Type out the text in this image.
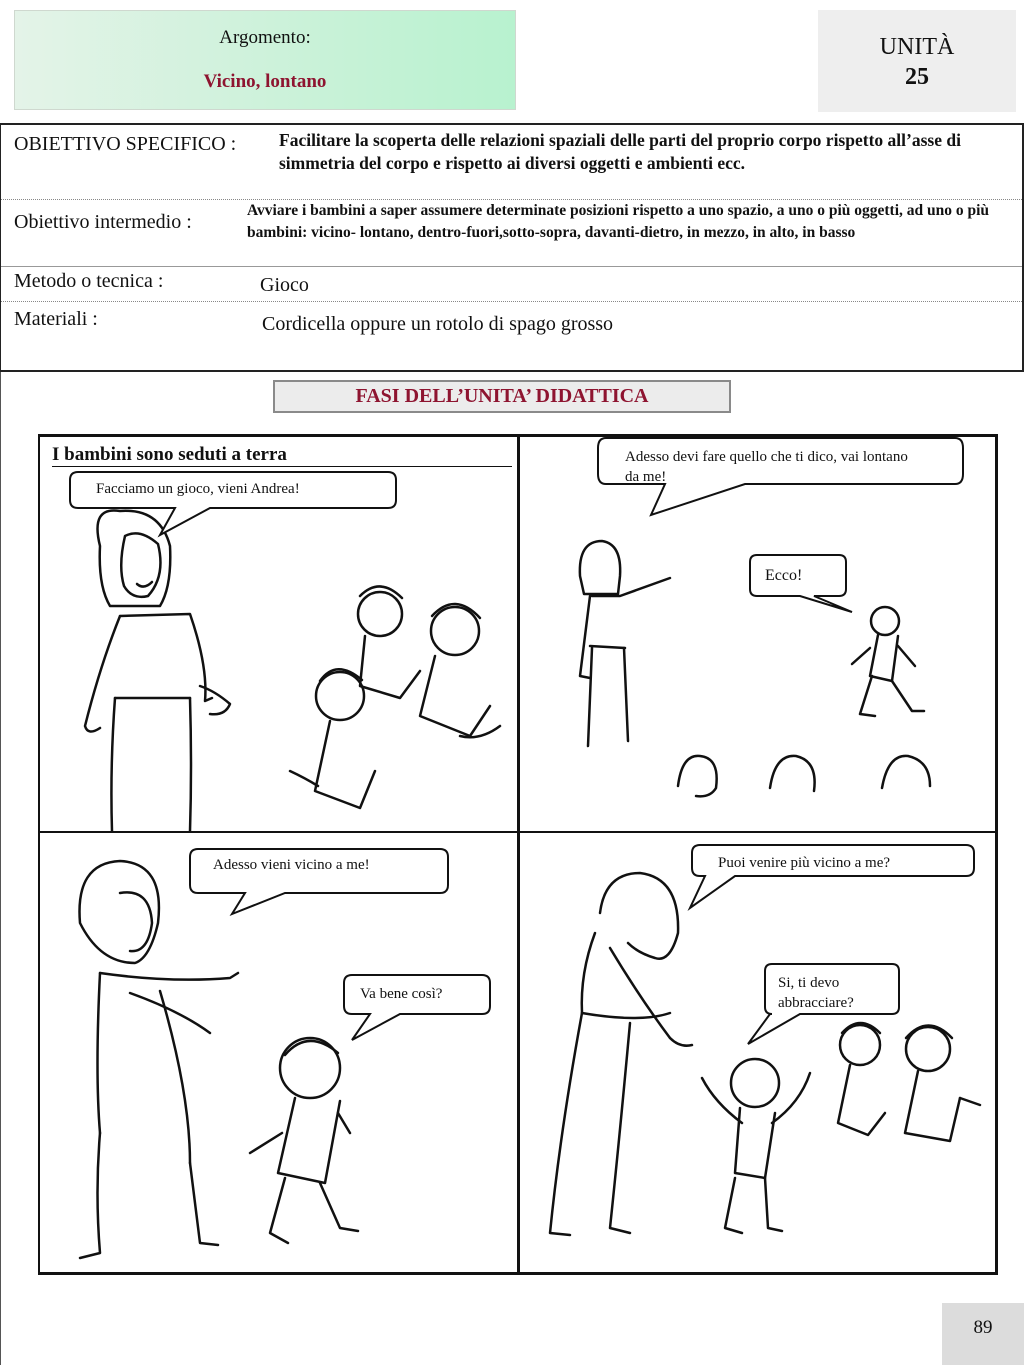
Argomento:
Vicino, lontano
UNITÀ
25
OBIETTIVO SPECIFICO : Facilitare la scoperta delle relazioni spaziali delle parti del proprio corpo rispetto all’asse di simmetria del corpo e rispetto ai diversi oggetti e ambienti ecc.
Obiettivo intermedio :
Avviare i bambini a saper assumere determinate posizioni rispetto a uno spazio, a uno o più oggetti, ad uno o più bambini: vicino- lontano, dentro-fuori,sotto-sopra, davanti-dietro, in mezzo, in alto, in basso
Metodo o tecnica :	Gioco
Materiali :	Cordicella oppure un rotolo di spago grosso
FASI DELL’UNITA’ DIDATTICA
I bambini sono seduti a terra
Facciamo un gioco, vieni Andrea!
Adesso devi fare quello che ti dico, vai lontano da me!
Ecco!
Adesso vieni vicino a me!
Va bene così?
Puoi venire più vicino a me?
Si, ti devo abbracciare?
89
